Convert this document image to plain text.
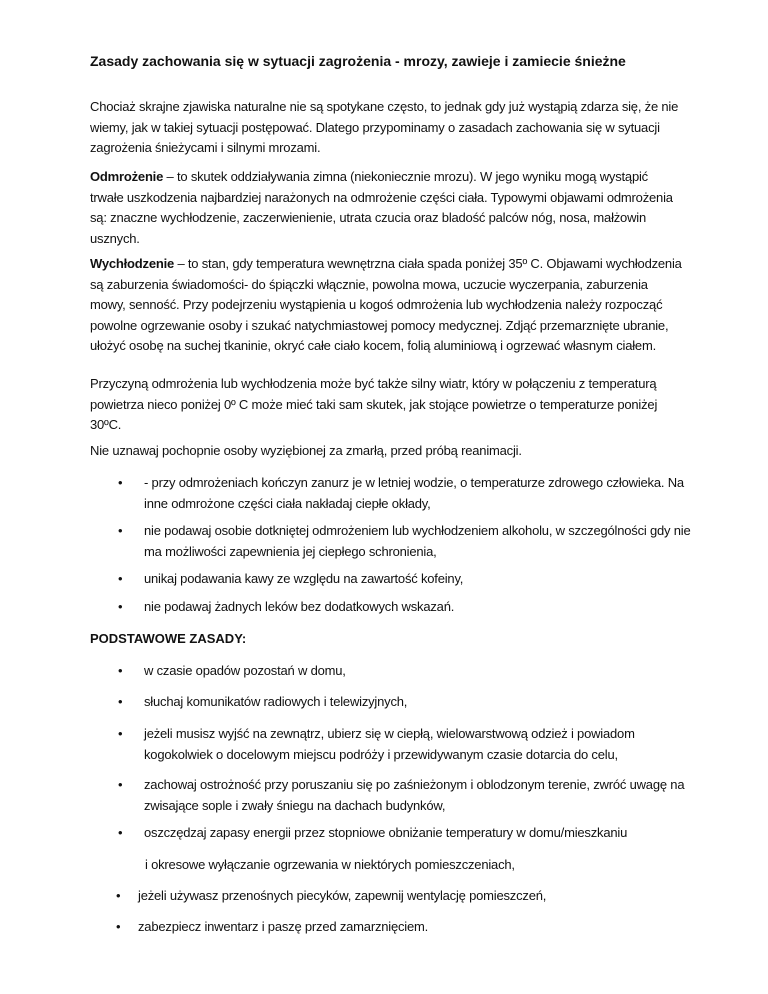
Zasady zachowania się w sytuacji zagrożenia - mrozy, zawieje i zamiecie śnieżne

Chociaż skrajne zjawiska naturalne nie są spotykane często, to jednak gdy już wystąpią zdarza się, że nie wiemy, jak w takiej sytuacji postępować. Dlatego przypominamy o zasadach zachowania się w sytuacji zagrożenia śnieżycami i silnymi mrozami.

Odmrożenie – to skutek oddziaływania zimna (niekoniecznie mrozu). W jego wyniku mogą wystąpić trwałe uszkodzenia najbardziej narażonych na odmrożenie części ciała. Typowymi objawami odmrożenia są: znaczne wychłodzenie, zaczerwienienie, utrata czucia oraz bladość palców nóg, nosa, małżowin usznych.

Wychłodzenie – to stan, gdy temperatura wewnętrzna ciała spada poniżej 35º C. Objawami wychłodzenia są zaburzenia świadomości- do śpiączki włącznie, powolna mowa, uczucie wyczerpania, zaburzenia mowy, senność. Przy podejrzeniu wystąpienia u kogoś odmrożenia lub wychłodzenia należy rozpocząć powolne ogrzewanie osoby i szukać natychmiastowej pomocy medycznej. Zdjąć przemarznięte ubranie, ułożyć osobę na suchej tkaninie, okryć całe ciało kocem, folią aluminiową i ogrzewać własnym ciałem.

Przyczyną odmrożenia lub wychłodzenia może być także silny wiatr, który w połączeniu z temperaturą powietrza nieco poniżej 0º C może mieć taki sam skutek, jak stojące powietrze o temperaturze poniżej 30ºC.

Nie uznawaj pochopnie osoby wyziębionej za zmarłą, przed próbą reanimacji.

• - przy odmrożeniach kończyn zanurz je w letniej wodzie, o temperaturze zdrowego człowieka. Na inne odmrożone części ciała nakładaj ciepłe okłady,

• nie podawaj osobie dotkniętej odmrożeniem lub wychłodzeniem alkoholu, w szczególności gdy nie ma możliwości zapewnienia jej ciepłego schronienia,

• unikaj podawania kawy ze względu na zawartość kofeiny,

• nie podawaj żadnych leków bez dodatkowych wskazań.

PODSTAWOWE ZASADY:
• w czasie opadów pozostań w domu,

• słuchaj komunikatów radiowych i telewizyjnych,

• jeżeli musisz wyjść na zewnątrz, ubierz się w ciepłą, wielowarstwową odzież i powiadom kogokolwiek o docelowym miejscu podróży i przewidywanym czasie dotarcia do celu,

• zachowaj ostrożność przy poruszaniu się po zaśnieżonym i oblodzonym terenie, zwróć uwagę na zwisające sople i zwały śniegu na dachach budynków,

• oszczędzaj zapasy energii przez stopniowe obniżanie temperatury w domu/mieszkaniu

i okresowe wyłączanie ogrzewania w niektórych pomieszczeniach,

• jeżeli używasz przenośnych piecyków, zapewnij wentylację pomieszczeń,

• zabezpiecz inwentarz i paszę przed zamarznięciem.
